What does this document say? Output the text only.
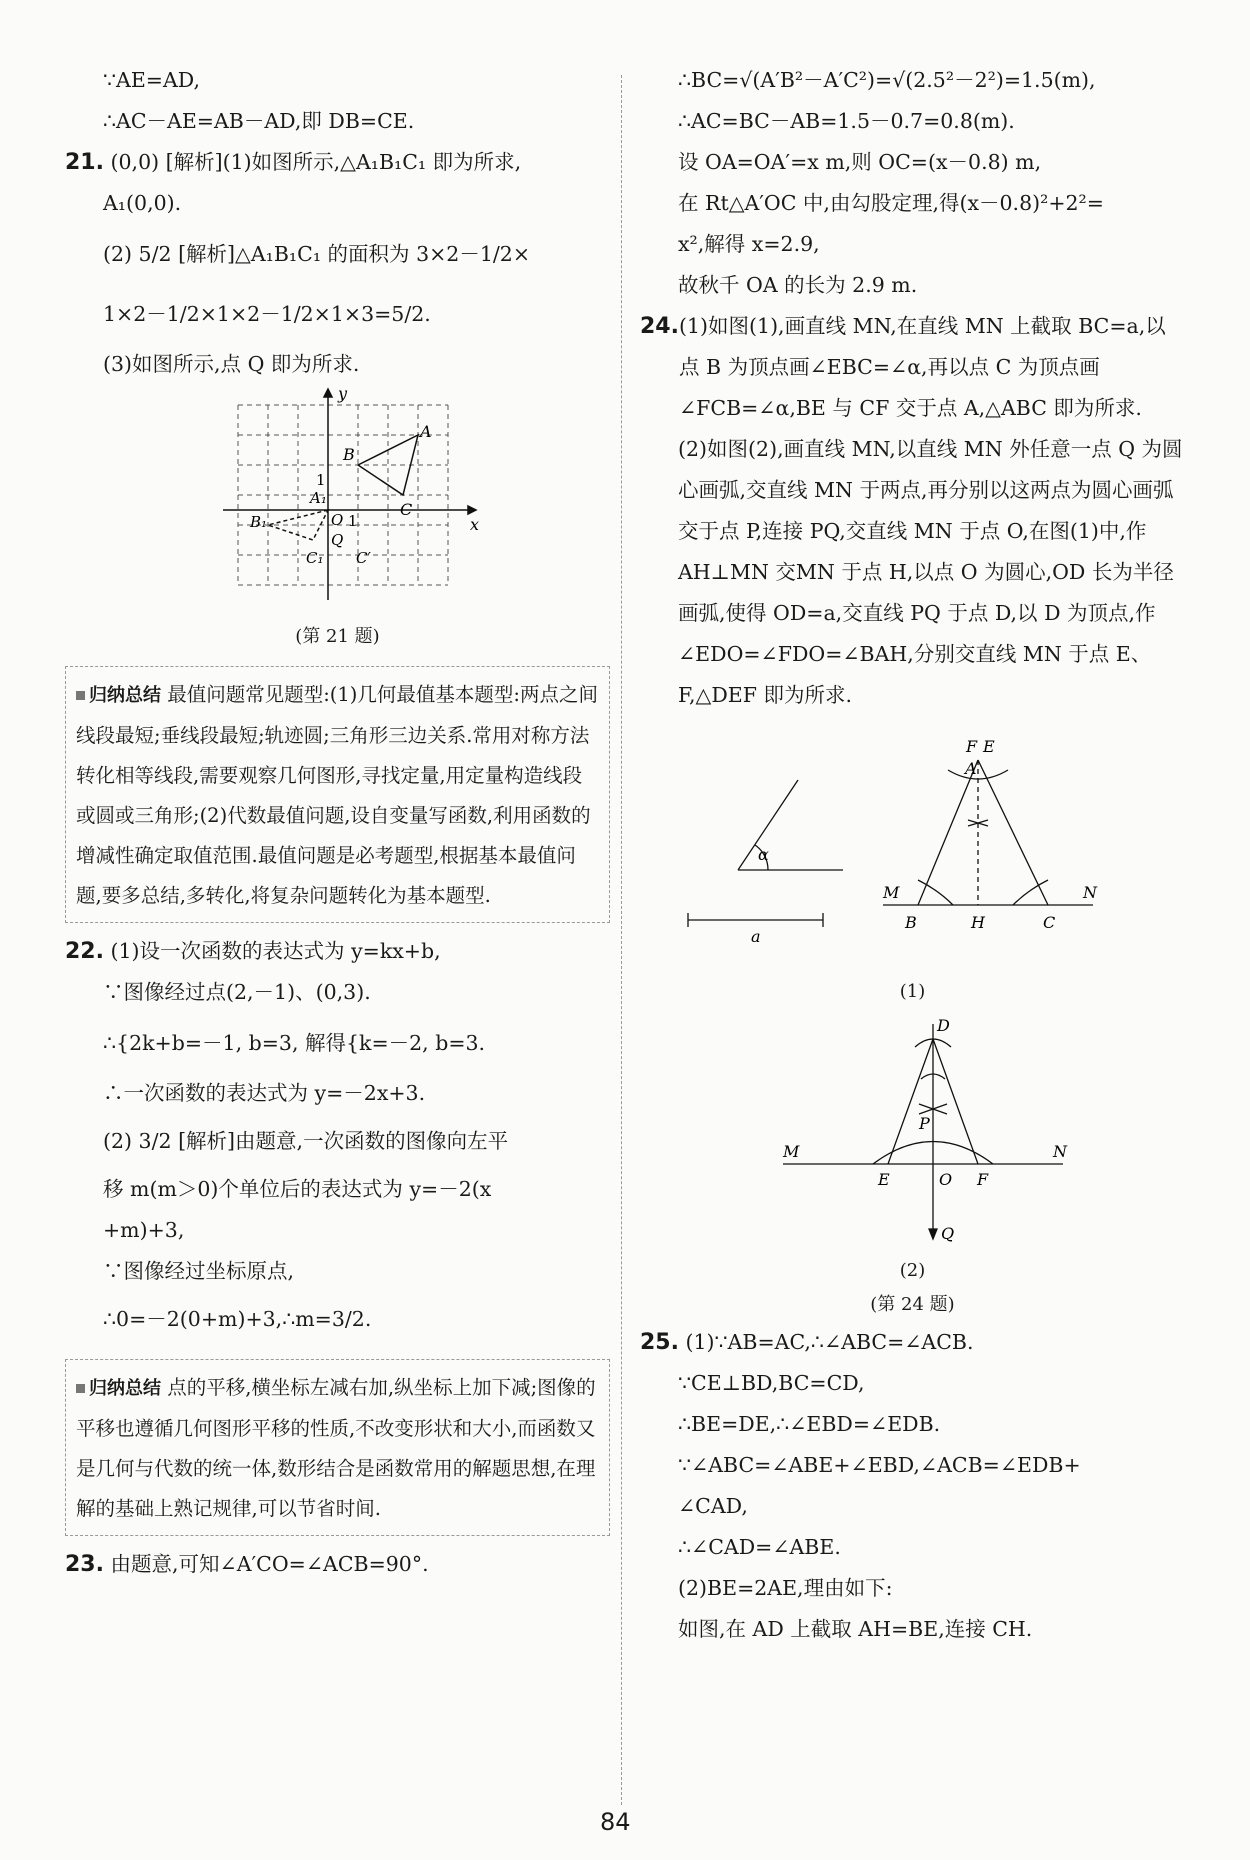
∵AE=AD,
∴AC－AE=AB－AD,即 DB=CE.
21. (0,0) [解析](1)如图所示,△A₁B₁C₁ 即为所求,
A₁(0,0).
(2) 5/2 [解析]△A₁B₁C₁ 的面积为 3×2－1/2×
1×2－1/2×1×2－1/2×1×3=5/2.
(3)如图所示,点 Q 即为所求.
y
x
A
B
C
A₁
B₁
C₁ C′
O
Q
1
1
(第 21 题)
归纳总结 最值问题常见题型:(1)几何最值基本题型:两点之间线段最短;垂线段最短;轨迹圆;三角形三边关系.常用对称方法转化相等线段,需要观察几何图形,寻找定量,用定量构造线段或圆或三角形;(2)代数最值问题,设自变量写函数,利用函数的增减性确定取值范围.最值问题是必考题型,根据基本最值问题,要多总结,多转化,将复杂问题转化为基本题型.
22. (1)设一次函数的表达式为 y=kx+b,
∵图像经过点(2,－1)、(0,3).
∴{2k+b=－1, b=3, 解得{k=－2, b=3.
∴一次函数的表达式为 y=－2x+3.
(2) 3/2 [解析]由题意,一次函数的图像向左平
移 m(m＞0)个单位后的表达式为 y=－2(x
+m)+3,
∵图像经过坐标原点,
∴0=－2(0+m)+3,∴m=3/2.
归纳总结 点的平移,横坐标左减右加,纵坐标上加下减;图像的平移也遵循几何图形平移的性质,不改变形状和大小,而函数又是几何与代数的统一体,数形结合是函数常用的解题思想,在理解的基础上熟记规律,可以节省时间.
23. 由题意,可知∠A′CO=∠ACB=90°.
∴BC=√(A′B²－A′C²)=√(2.5²－2²)=1.5(m),
∴AC=BC－AB=1.5－0.7=0.8(m).
设 OA=OA′=x m,则 OC=(x－0.8) m,
在 Rt△A′OC 中,由勾股定理,得(x－0.8)²+2²=
x²,解得 x=2.9,
故秋千 OA 的长为 2.9 m.
24. (1)如图(1),画直线 MN,在直线 MN 上截取 BC=a,以点 B 为顶点画∠EBC=∠α,再以点 C 为顶点画∠FCB=∠α,BE 与 CF 交于点 A,△ABC 即为所求.
(2)如图(2),画直线 MN,以直线 MN 外任意一点 Q 为圆心画弧,交直线 MN 于两点,再分别以这两点为圆心画弧交于点 P,连接 PQ,交直线 MN 于点 O,在图(1)中,作 AH⊥MN 交MN 于点 H,以点 O 为圆心,OD 长为半径画弧,使得 OD=a,交直线 PQ 于点 D,以 D 为顶点,作∠EDO=∠FDO=∠BAH,分别交直线 MN 于点 E、F,△DEF 即为所求.
α
a
F E
A
M	N
B	H	C
(1)
D
P
M	N
E	O F
Q
(2)
(第 24 题)
25. (1)∵AB=AC,∴∠ABC=∠ACB.
∵CE⊥BD,BC=CD,
∴BE=DE,∴∠EBD=∠EDB.
∵∠ABC=∠ABE+∠EBD,∠ACB=∠EDB+
∠CAD,
∴∠CAD=∠ABE.
(2)BE=2AE,理由如下:
如图,在 AD 上截取 AH=BE,连接 CH.
84
